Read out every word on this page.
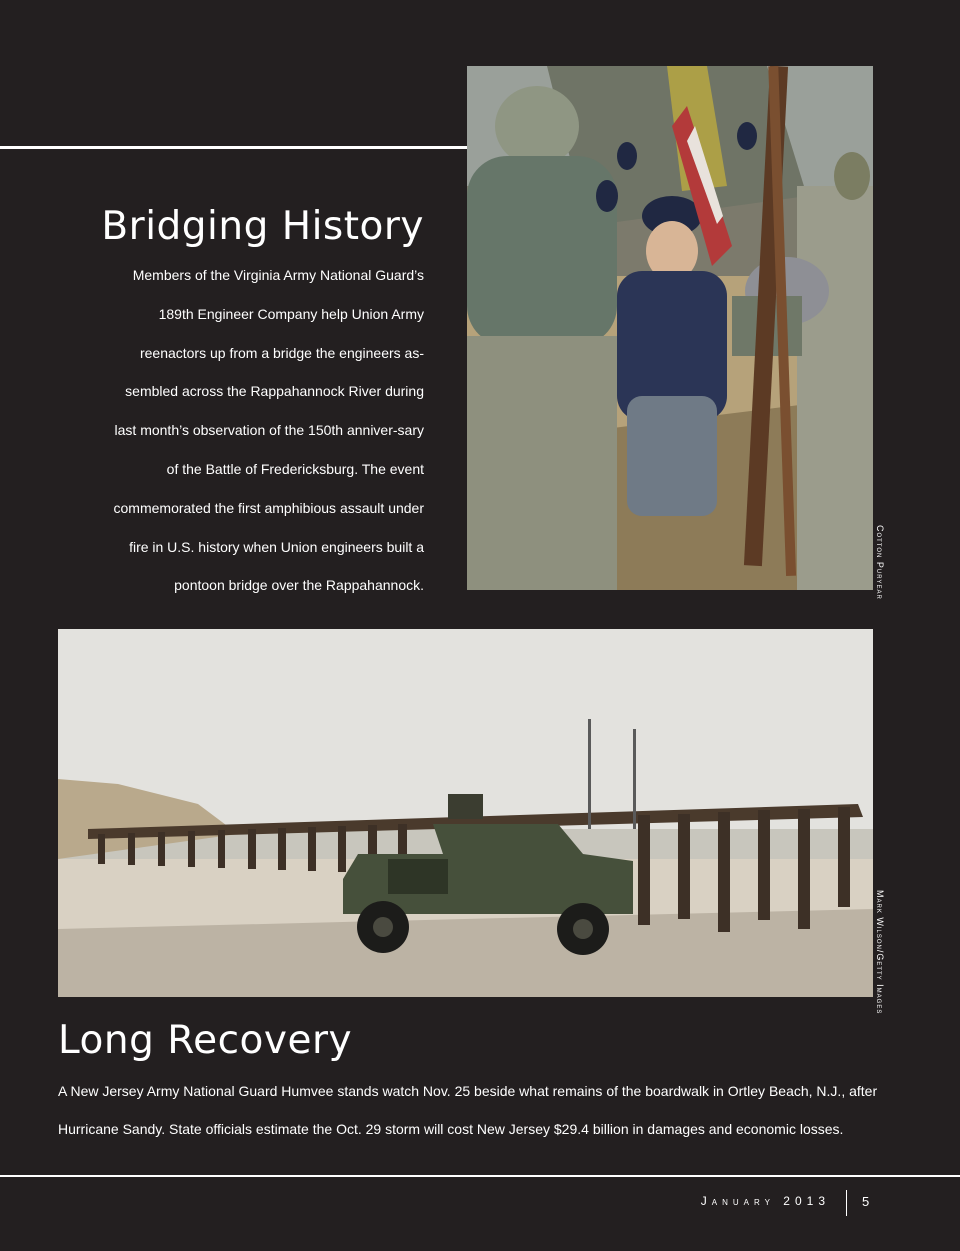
Cotton Puryear
Bridging History

Members of the Virginia Army National Guard’s 189th Engineer Company help Union Army reenactors up from a bridge the engineers as-sembled across the Rappahannock River during last month’s observation of the 150th anniver-sary of the Battle of Fredericksburg. The event commemorated the first amphibious assault under fire in U.S. history when Union engineers built a pontoon bridge over the Rappahannock.

Mark Wilson/Getty Images
Long Recovery

A New Jersey Army National Guard Humvee stands watch Nov. 25 beside what remains of the boardwalk in Ortley Beach, N.J., after Hurricane Sandy. State officials estimate the Oct. 29 storm will cost New Jersey $29.4 billion in damages and economic losses.

January 2013 5
